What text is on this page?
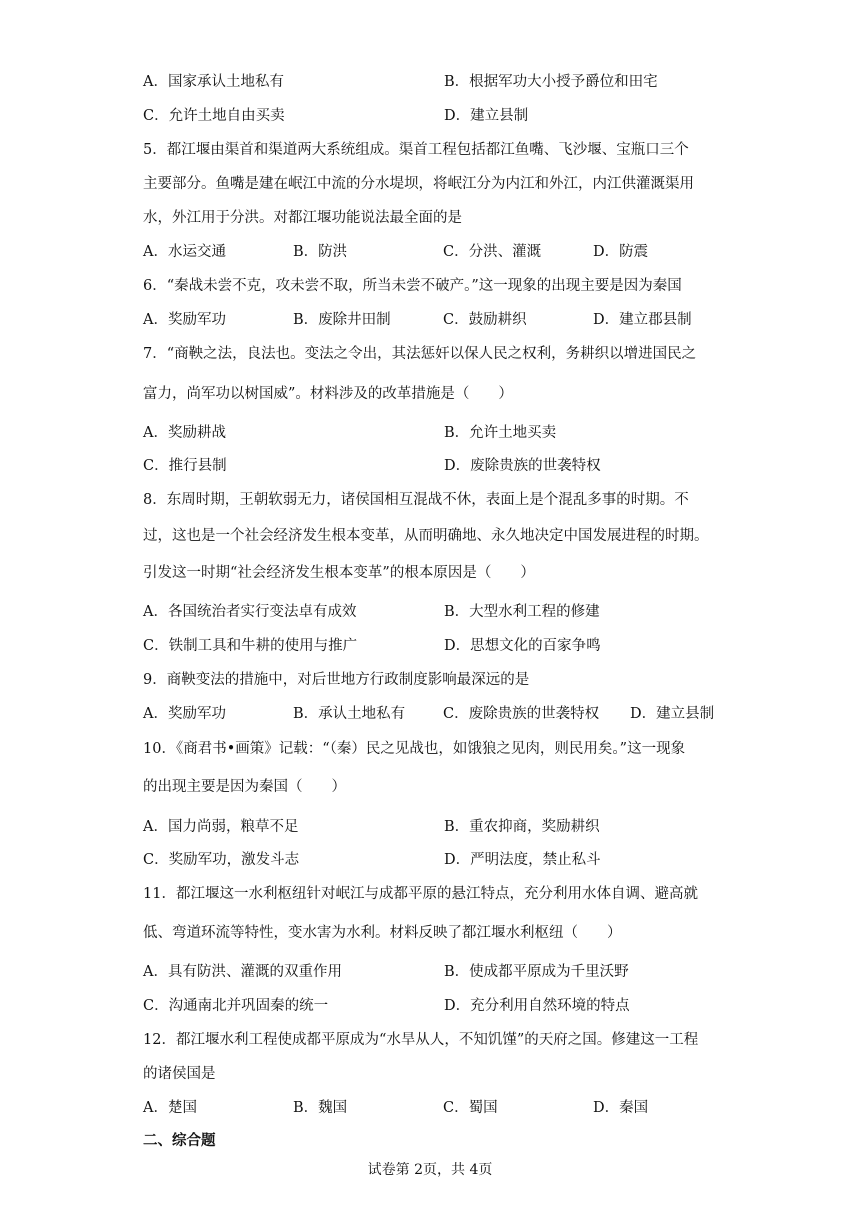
A．国家承认土地私有	B．根据军功大小授予爵位和田宅
C．允许土地自由买卖	D．建立县制
5．都江堰由渠首和渠道两大系统组成。渠首工程包括都江鱼嘴、飞沙堰、宝瓶口三个
主要部分。鱼嘴是建在岷江中流的分水堤坝，将岷江分为内江和外江，内江供灌溉渠用
水，外江用于分洪。对都江堰功能说法最全面的是
A．水运交通	B．防洪	C．分洪、灌溉	D．防震
6．“秦战未尝不克，攻未尝不取，所当未尝不破产。”这一现象的出现主要是因为秦国
A．奖励军功	B．废除井田制	C．鼓励耕织	D．建立郡县制
7．“商鞅之法，良法也。变法之令出，其法惩奸以保人民之权利，务耕织以增进国民之
富力，尚军功以树国威”。材料涉及的改革措施是（　　）
A．奖励耕战	B．允许土地买卖
C．推行县制	D．废除贵族的世袭特权
8．东周时期，王朝软弱无力，诸侯国相互混战不休，表面上是个混乱多事的时期。不
过，这也是一个社会经济发生根本变革，从而明确地、永久地决定中国发展进程的时期。
引发这一时期“社会经济发生根本变革”的根本原因是（　　）
A．各国统治者实行变法卓有成效	B．大型水利工程的修建
C．铁制工具和牛耕的使用与推广	D．思想文化的百家争鸣
9．商鞅变法的措施中，对后世地方行政制度影响最深远的是
A．奖励军功	B．承认土地私有	C．废除贵族的世袭特权 D．建立县制
10．《商君书•画策》记载：“（秦）民之见战也，如饿狼之见肉，则民用矣。”这一现象
的出现主要是因为秦国（　　）
A．国力尚弱，粮草不足	B．重农抑商，奖励耕织
C．奖励军功，激发斗志	D．严明法度，禁止私斗
11．都江堰这一水利枢纽针对岷江与成都平原的悬江特点，充分利用水体自调、避高就
低、弯道环流等特性，变水害为水利。材料反映了都江堰水利枢纽（　　）
A．具有防洪、灌溉的双重作用	B．使成都平原成为千里沃野
C．沟通南北并巩固秦的统一	D．充分利用自然环境的特点
12．都江堰水利工程使成都平原成为“水旱从人，不知饥馑”的天府之国。修建这一工程
的诸侯国是
A．楚国	B．魏国	C．蜀国	D．秦国
二、综合题
试卷第 2页，共 4页
